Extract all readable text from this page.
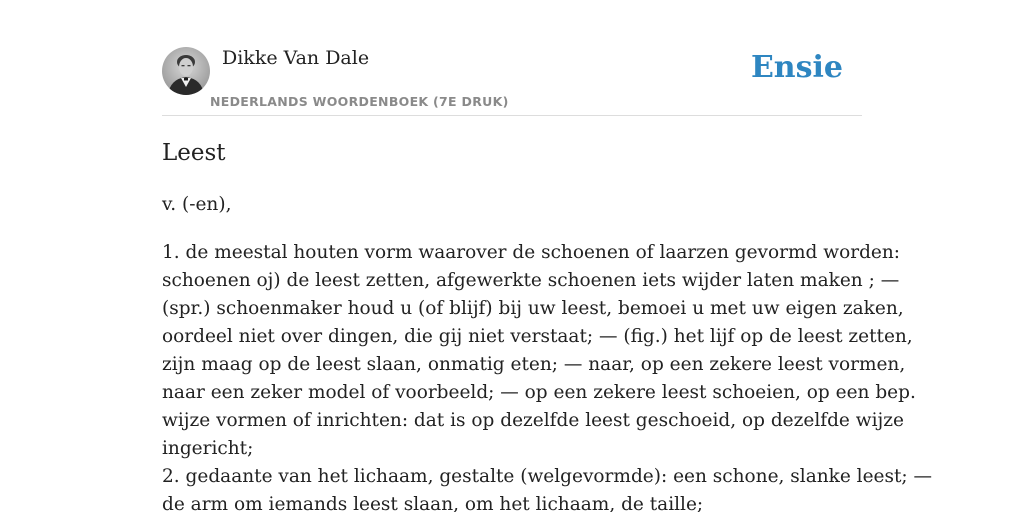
Dikke Van Dale
NEDERLANDS WOORDENBOEK (7E DRUK)
Ensie
Leest

v. (-en),

1. de meestal houten vorm waarover de schoenen of laarzen gevormd worden:
schoenen oj) de leest zetten, afgewerkte schoenen iets wijder laten maken ; —
(spr.) schoenmaker houd u (of blijf) bij uw leest, bemoei u met uw eigen zaken,
oordeel niet over dingen, die gij niet verstaat; — (fig.) het lijf op de leest zetten,
zijn maag op de leest slaan, onmatig eten; — naar, op een zekere leest vormen,
naar een zeker model of voorbeeld; — op een zekere leest schoeien, op een bep.
wijze vormen of inrichten: dat is op dezelfde leest geschoeid, op dezelfde wijze
ingericht;
2. gedaante van het lichaam, gestalte (welgevormde): een schone, slanke leest; —
de arm om iemands leest slaan, om het lichaam, de taille;
